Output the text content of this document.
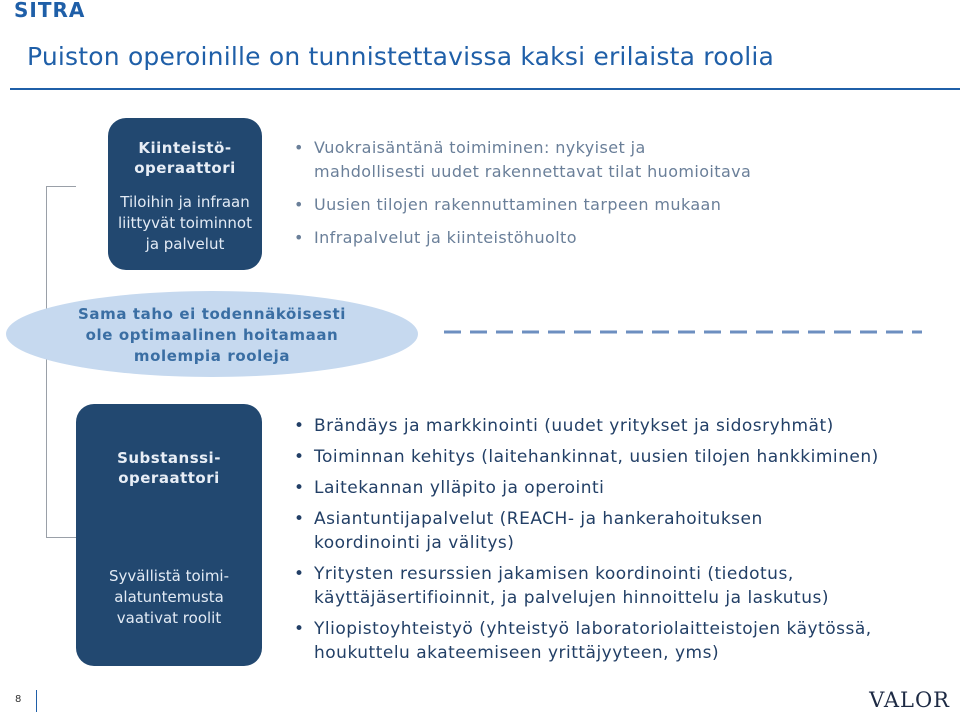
SITRA
Puiston operoinille on tunnistettavissa kaksi erilaista roolia
Kiinteistö-
operaattori
Tiloihin ja infraan
liittyvät toiminnot
ja palvelut
• Vuokraisäntänä toimiminen: nykyiset ja
mahdollisesti uudet rakennettavat tilat huomioitava
• Uusien tilojen rakennuttaminen tarpeen mukaan
• Infrapalvelut ja kiinteistöhuolto
Sama taho ei todennäköisesti
ole optimaalinen hoitamaan
molempia rooleja
Substanssi-
operaattori
Syvällistä toimi-
alatuntemusta
vaativat roolit
• Brändäys ja markkinointi (uudet yritykset ja sidosryhmät)
• Toiminnan kehitys (laitehankinnat, uusien tilojen hankkiminen)
• Laitekannan ylläpito ja operointi
• Asiantuntijapalvelut (REACH- ja hankerahoituksen
koordinointi ja välitys)
• Yritysten resurssien jakamisen koordinointi (tiedotus,
käyttäjäsertifioinnit, ja palvelujen hinnoittelu ja laskutus)
• Yliopistoyhteistyö (yhteistyö laboratoriolaitteistojen käytössä,
houkuttelu akateemiseen yrittäjyyteen, yms)
8	VALOR
